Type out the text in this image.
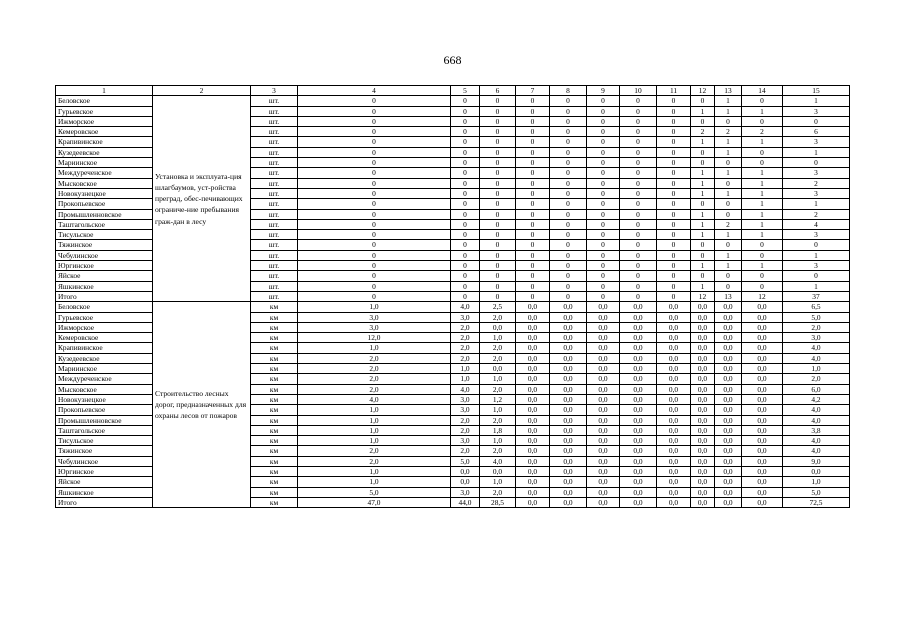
668
1	2	3	4	5	6	7	8	9	10	11	12	13	14	15
Беловское	Установка и эксплуата-ция шлагбаумов, уст-ройства преград, обес-печивающих ограниче-ние пребывания граж-дан в лесу	шт.	0	0	0	0	0	0	0	0	0	1	0	1
Гурьевское		шт.	0	0	0	0	0	0	0	0	1	1	1	3
Ижморское		шт.	0	0	0	0	0	0	0	0	0	0	0	0
Кемеровское		шт.	0	0	0	0	0	0	0	0	2	2	2	6
Крапивинское		шт.	0	0	0	0	0	0	0	0	1	1	1	3
Кузедеевское		шт.	0	0	0	0	0	0	0	0	0	1	0	1
Мариинское		шт.	0	0	0	0	0	0	0	0	0	0	0	0
Междуреченское		шт.	0	0	0	0	0	0	0	0	1	1	1	3
Мысковское		шт.	0	0	0	0	0	0	0	0	1	0	1	2
Новокузнецкое		шт.	0	0	0	0	0	0	0	0	1	1	1	3
Прокопьевское		шт.	0	0	0	0	0	0	0	0	0	0	1	1
Промышленновское		шт.	0	0	0	0	0	0	0	0	1	0	1	2
Таштагольское		шт.	0	0	0	0	0	0	0	0	1	2	1	4
Тисульское		шт.	0	0	0	0	0	0	0	0	1	1	1	3
Тяжинское		шт.	0	0	0	0	0	0	0	0	0	0	0	0
Чебулинское		шт.	0	0	0	0	0	0	0	0	0	1	0	1
Юргинское		шт.	0	0	0	0	0	0	0	0	1	1	1	3
Яйское		шт.	0	0	0	0	0	0	0	0	0	0	0	0
Яшкинское		шт.	0	0	0	0	0	0	0	0	1	0	0	1
Итого		шт.	0	0	0	0	0	0	0	0	12	13	12	37
Беловское	Строительство лесных дорог, предназначенных для охраны лесов от пожаров	км	1,0	4,0	2,5	0,0	0,0	0,0	0,0	0,0	0,0	0,0	0,0	6,5
Гурьевское		км	3,0	3,0	2,0	0,0	0,0	0,0	0,0	0,0	0,0	0,0	0,0	5,0
Ижморское		км	3,0	2,0	0,0	0,0	0,0	0,0	0,0	0,0	0,0	0,0	0,0	2,0
Кемеровское		км	12,0	2,0	1,0	0,0	0,0	0,0	0,0	0,0	0,0	0,0	0,0	3,0
Крапивинское		км	1,0	2,0	2,0	0,0	0,0	0,0	0,0	0,0	0,0	0,0	0,0	4,0
Кузедеевское		км	2,0	2,0	2,0	0,0	0,0	0,0	0,0	0,0	0,0	0,0	0,0	4,0
Мариинское		км	2,0	1,0	0,0	0,0	0,0	0,0	0,0	0,0	0,0	0,0	0,0	1,0
Междуреченское		км	2,0	1,0	1,0	0,0	0,0	0,0	0,0	0,0	0,0	0,0	0,0	2,0
Мысковское		км	2,0	4,0	2,0	0,0	0,0	0,0	0,0	0,0	0,0	0,0	0,0	6,0
Новокузнецкое		км	4,0	3,0	1,2	0,0	0,0	0,0	0,0	0,0	0,0	0,0	0,0	4,2
Прокопьевское		км	1,0	3,0	1,0	0,0	0,0	0,0	0,0	0,0	0,0	0,0	0,0	4,0
Промышленновское		км	1,0	2,0	2,0	0,0	0,0	0,0	0,0	0,0	0,0	0,0	0,0	4,0
Таштагольское		км	1,0	2,0	1,8	0,0	0,0	0,0	0,0	0,0	0,0	0,0	0,0	3,8
Тисульское		км	1,0	3,0	1,0	0,0	0,0	0,0	0,0	0,0	0,0	0,0	0,0	4,0
Тяжинское		км	2,0	2,0	2,0	0,0	0,0	0,0	0,0	0,0	0,0	0,0	0,0	4,0
Чебулинское		км	2,0	5,0	4,0	0,0	0,0	0,0	0,0	0,0	0,0	0,0	0,0	9,0
Юргинское		км	1,0	0,0	0,0	0,0	0,0	0,0	0,0	0,0	0,0	0,0	0,0	0,0
Яйское		км	1,0	0,0	1,0	0,0	0,0	0,0	0,0	0,0	0,0	0,0	0,0	1,0
Яшкинское		км	5,0	3,0	2,0	0,0	0,0	0,0	0,0	0,0	0,0	0,0	0,0	5,0
Итого		км	47,0	44,0	28,5	0,0	0,0	0,0	0,0	0,0	0,0	0,0	0,0	72,5
